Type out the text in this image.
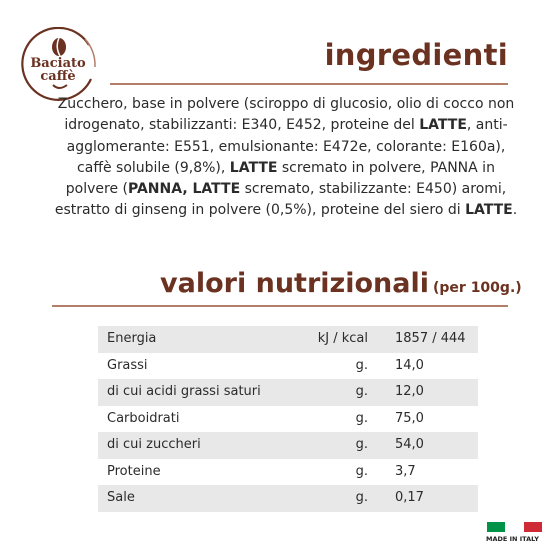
Baciato
caffè
ingredienti

Zucchero, base in polvere (sciroppo di glucosio, olio di cocco non idrogenato, stabilizzanti: E340, E452, proteine del LATTE, anti-agglomerante: E551, emulsionante: E472e, colorante: E160a), caffè solubile (9,8%), LATTE scremato in polvere, PANNA in polvere (PANNA, LATTE scremato, stabilizzante: E450) aromi, estratto di ginseng in polvere (0,5%), proteine del siero di LATTE.

valori nutrizionali (per 100g.)
Energia	kJ / kcal 1857 / 444
Grassi	g. 14,0
di cui acidi grassi saturi	g. 12,0
Carboidrati	g. 75,0
di cui zuccheri	g. 54,0
Proteine	g. 3,7
Sale	g. 0,17
MADE IN ITALY
